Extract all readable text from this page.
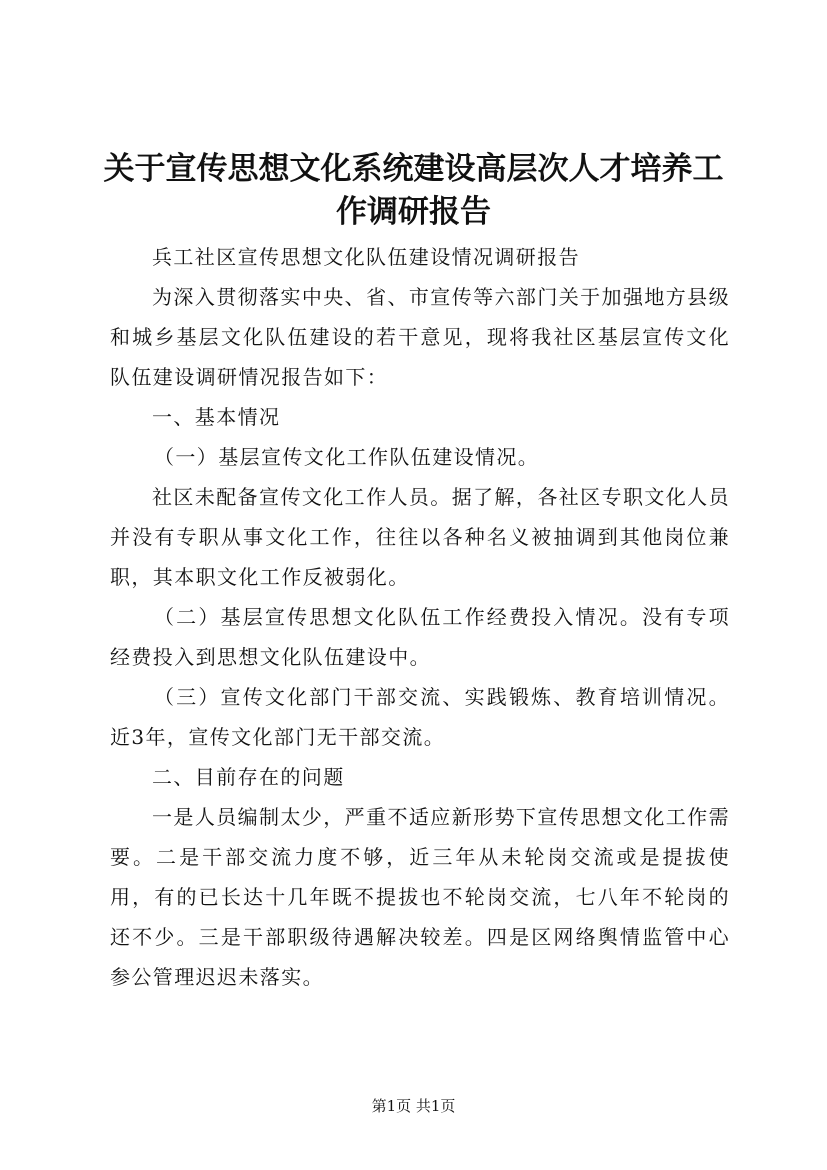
关于宣传思想文化系统建设高层次人才培养工作调研报告

兵工社区宣传思想文化队伍建设情况调研报告

为深入贯彻落实中央、省、市宣传等六部门关于加强地方县级和城乡基层文化队伍建设的若干意见，现将我社区基层宣传文化队伍建设调研情况报告如下：

一、基本情况

（一）基层宣传文化工作队伍建设情况。

社区未配备宣传文化工作人员。据了解，各社区专职文化人员并没有专职从事文化工作，往往以各种名义被抽调到其他岗位兼职，其本职文化工作反被弱化。

（二）基层宣传思想文化队伍工作经费投入情况。没有专项经费投入到思想文化队伍建设中。

（三）宣传文化部门干部交流、实践锻炼、教育培训情况。近3年，宣传文化部门无干部交流。

二、目前存在的问题

一是人员编制太少，严重不适应新形势下宣传思想文化工作需要。二是干部交流力度不够，近三年从未轮岗交流或是提拔使用，有的已长达十几年既不提拔也不轮岗交流，七八年不轮岗的还不少。三是干部职级待遇解决较差。四是区网络舆情监管中心参公管理迟迟未落实。

第1页 共1页
